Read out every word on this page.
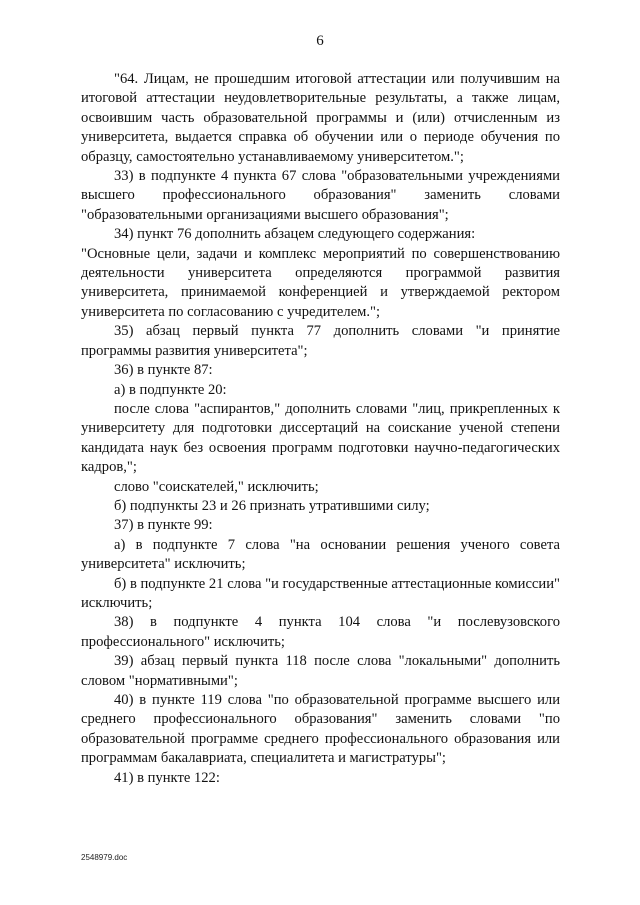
6

"64. Лицам, не прошедшим итоговой аттестации или получившим на итоговой аттестации неудовлетворительные результаты, а также лицам, освоившим часть образовательной программы и (или) отчисленным из университета, выдается справка об обучении или о периоде обучения по образцу, самостоятельно устанавливаемому университетом.";

33) в подпункте 4 пункта 67 слова "образовательными учреждениями высшего профессионального образования" заменить словами "образовательными организациями высшего образования";

34) пункт 76 дополнить абзацем следующего содержания:

"Основные цели, задачи и комплекс мероприятий по совершенствованию деятельности университета определяются программой развития университета, принимаемой конференцией и утверждаемой ректором университета по согласованию с учредителем.";

35) абзац первый пункта 77 дополнить словами "и принятие программы развития университета";

36) в пункте 87:

а) в подпункте 20:

после слова "аспирантов," дополнить словами "лиц, прикрепленных к университету для подготовки диссертаций на соискание ученой степени кандидата наук без освоения программ подготовки научно-педагогических кадров,";

слово "соискателей," исключить;

б) подпункты 23 и 26 признать утратившими силу;

37) в пункте 99:

а) в подпункте 7 слова "на основании решения ученого совета университета" исключить;

б) в подпункте 21 слова "и государственные аттестационные комиссии" исключить;

38) в подпункте 4 пункта 104 слова "и послевузовского профессионального" исключить;

39) абзац первый пункта 118 после слова "локальными" дополнить словом "нормативными";

40) в пункте 119 слова "по образовательной программе высшего или среднего профессионального образования" заменить словами "по образовательной программе среднего профессионального образования или программам бакалавриата, специалитета и магистратуры";

41) в пункте 122:

2548979.doc
